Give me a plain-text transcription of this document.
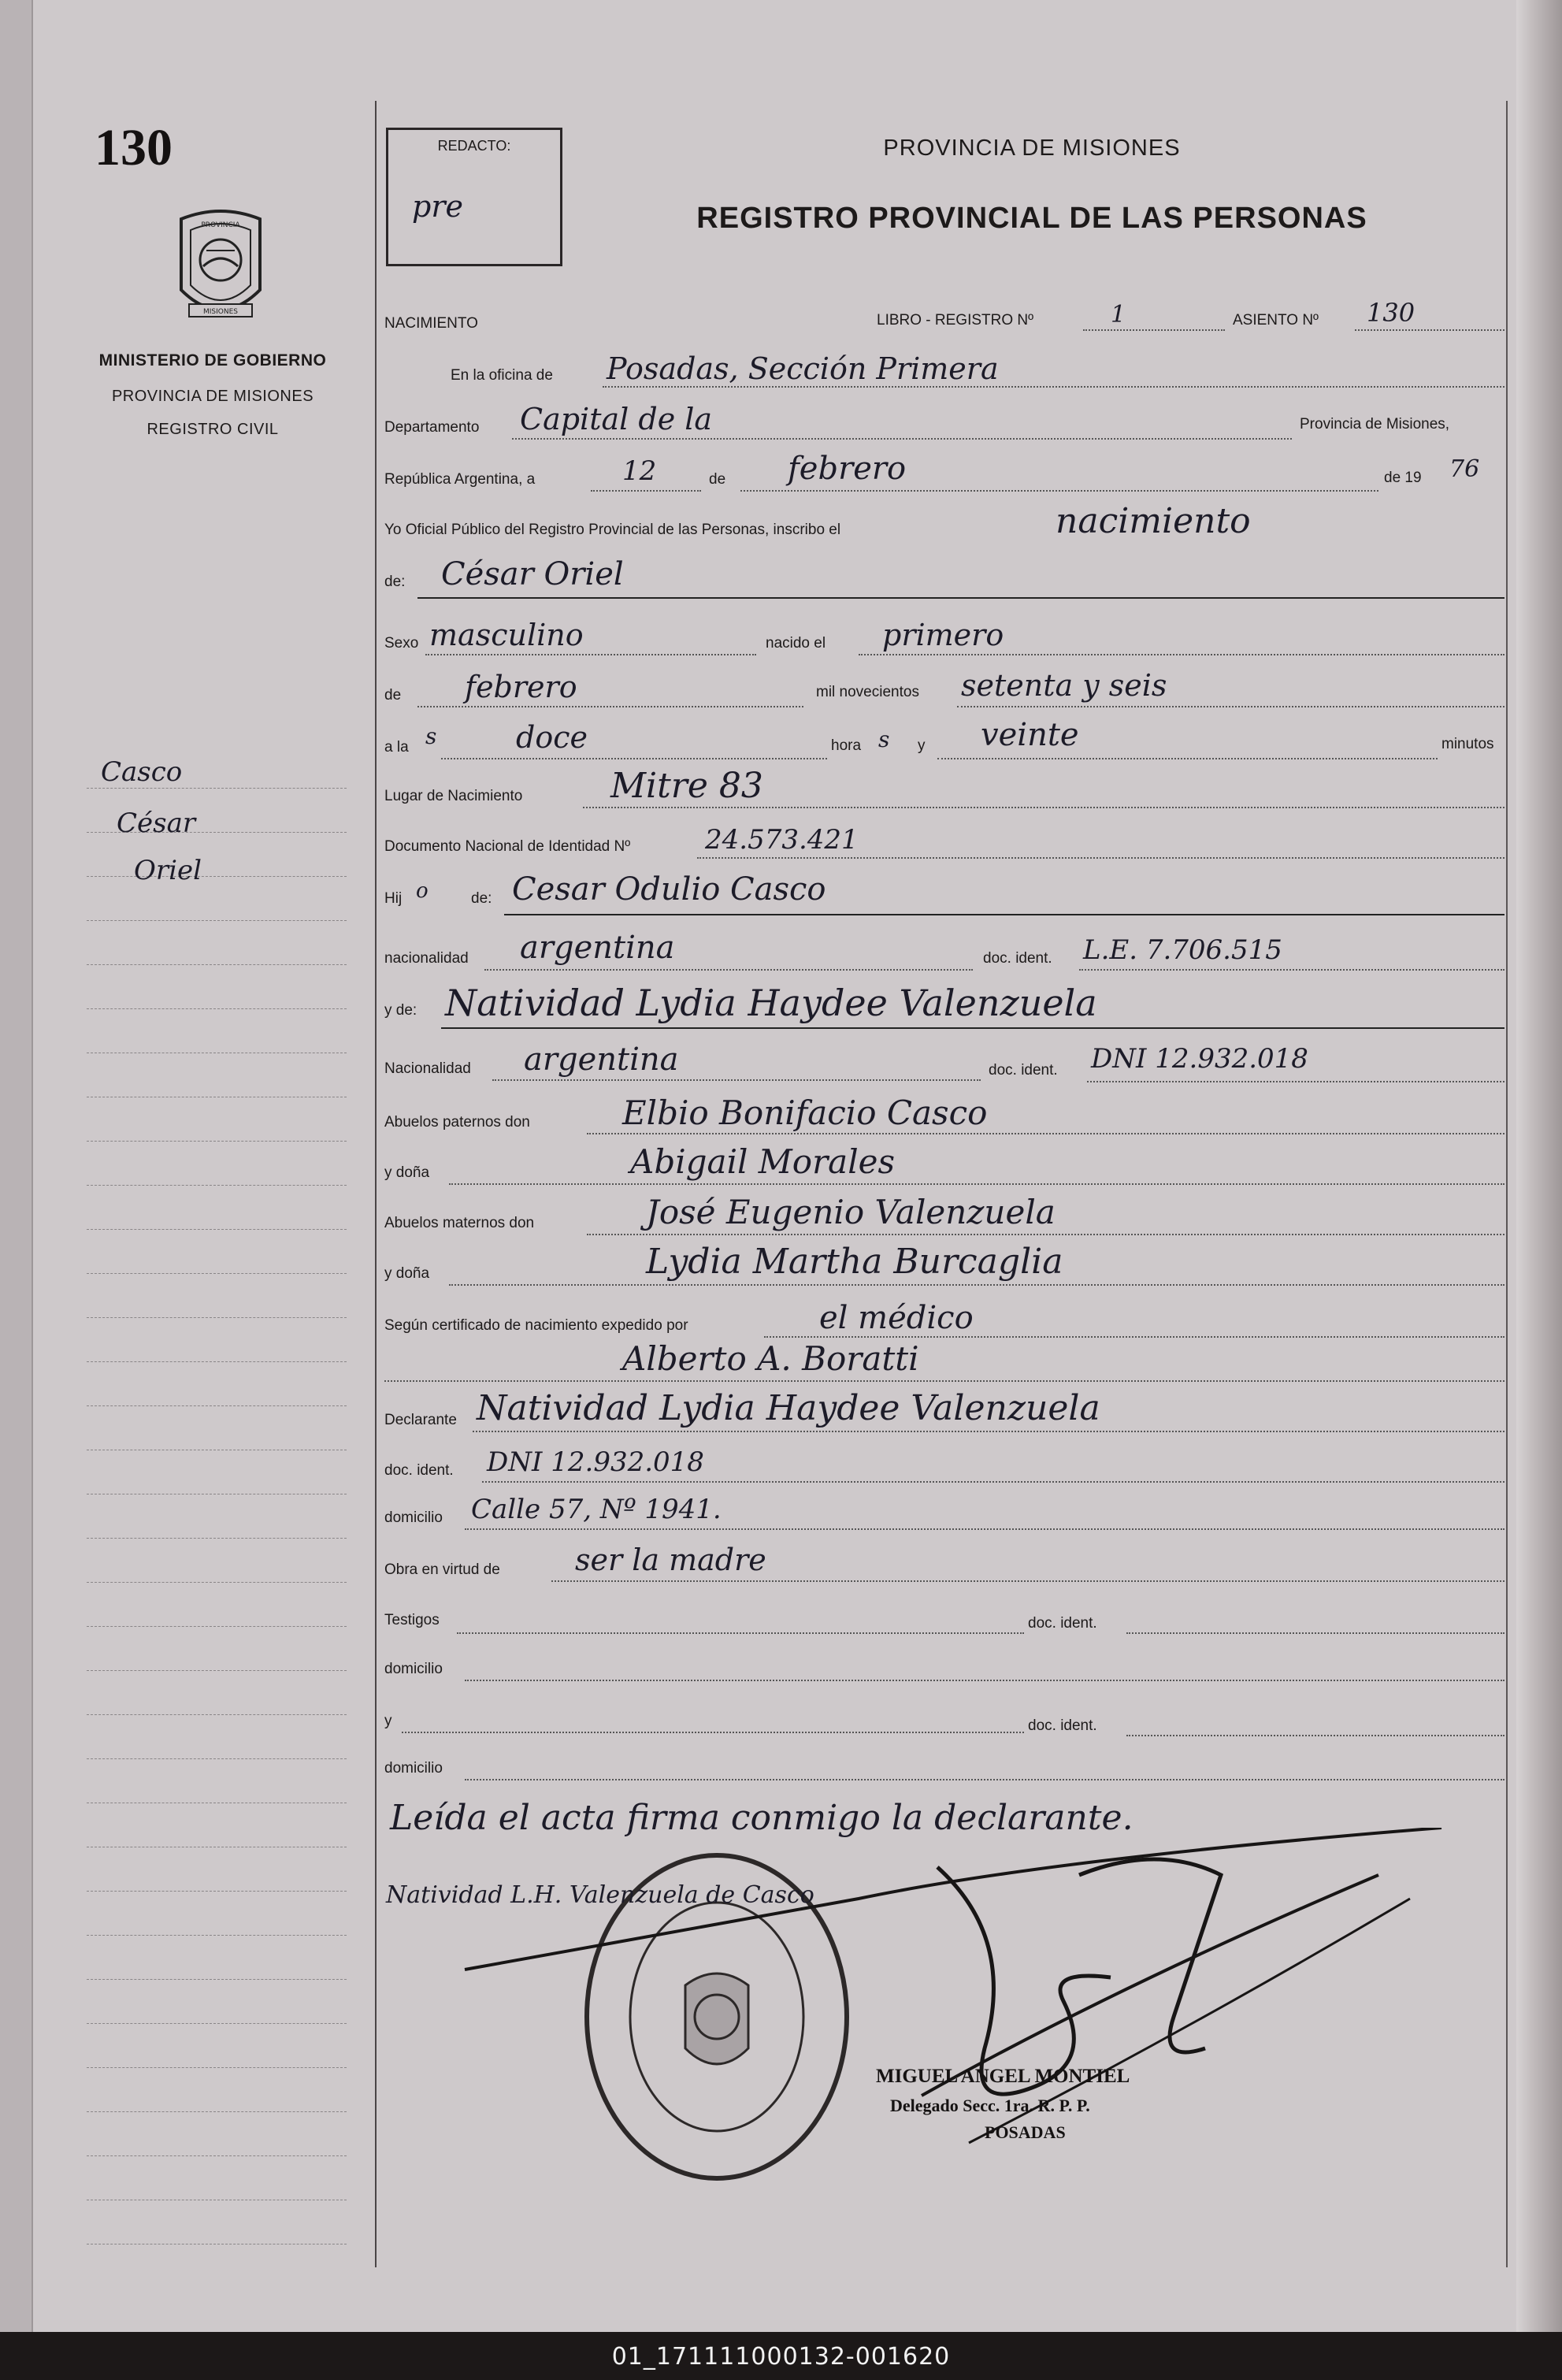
130
PROVINCIA
MISIONES
MINISTERIO DE GOBIERNO
PROVINCIA DE MISIONES
REGISTRO CIVIL
Casco
César
Oriel
REDACTO:
pre
PROVINCIA DE MISIONES
REGISTRO PROVINCIAL DE LAS PERSONAS
NACIMIENTO	LIBRO - REGISTRO Nº	1	ASIENTO Nº 130
En la oficina de Posadas, Sección Primera
Departamento Capital de la	Provincia de Misiones,
República Argentina, a	12	de febrero	de 19 76
Yo Oficial Público del Registro Provincial de las Personas, inscribo el	nacimiento
de: César Oriel
Sexo masculino	nacido el primero
de febrero	mil novecientos setenta y seis
a la s	doce	hora s y veinte	minutos
Lugar de Nacimiento	Mitre 83
Documento Nacional de Identidad Nº	24.573.421
Hij o	de: Cesar Odulio Casco
nacionalidad argentina	doc. ident. L.E. 7.706.515
y de: Natividad Lydia Haydee Valenzuela
Nacionalidad argentina	doc. ident. DNI 12.932.018
Abuelos paternos don	Elbio Bonifacio Casco
y doña	Abigail Morales
Abuelos maternos don	José Eugenio Valenzuela
y doña	Lydia Martha Burcaglia
Según certificado de nacimiento expedido por	el médico
Alberto A. Boratti
Declarante Natividad Lydia Haydee Valenzuela
doc. ident. DNI 12.932.018
domicilio Calle 57, Nº 1941.
Obra en virtud de	ser la madre
Testigos	doc. ident.
domicilio
y	doc. ident.
domicilio
Leída el acta firma conmigo la declarante.
Natividad L.H. Valenzuela de Casco
MIGUEL ANGEL MONTIEL
Delegado Secc. 1ra. R. P. P.
POSADAS
01_171111000132-001620
